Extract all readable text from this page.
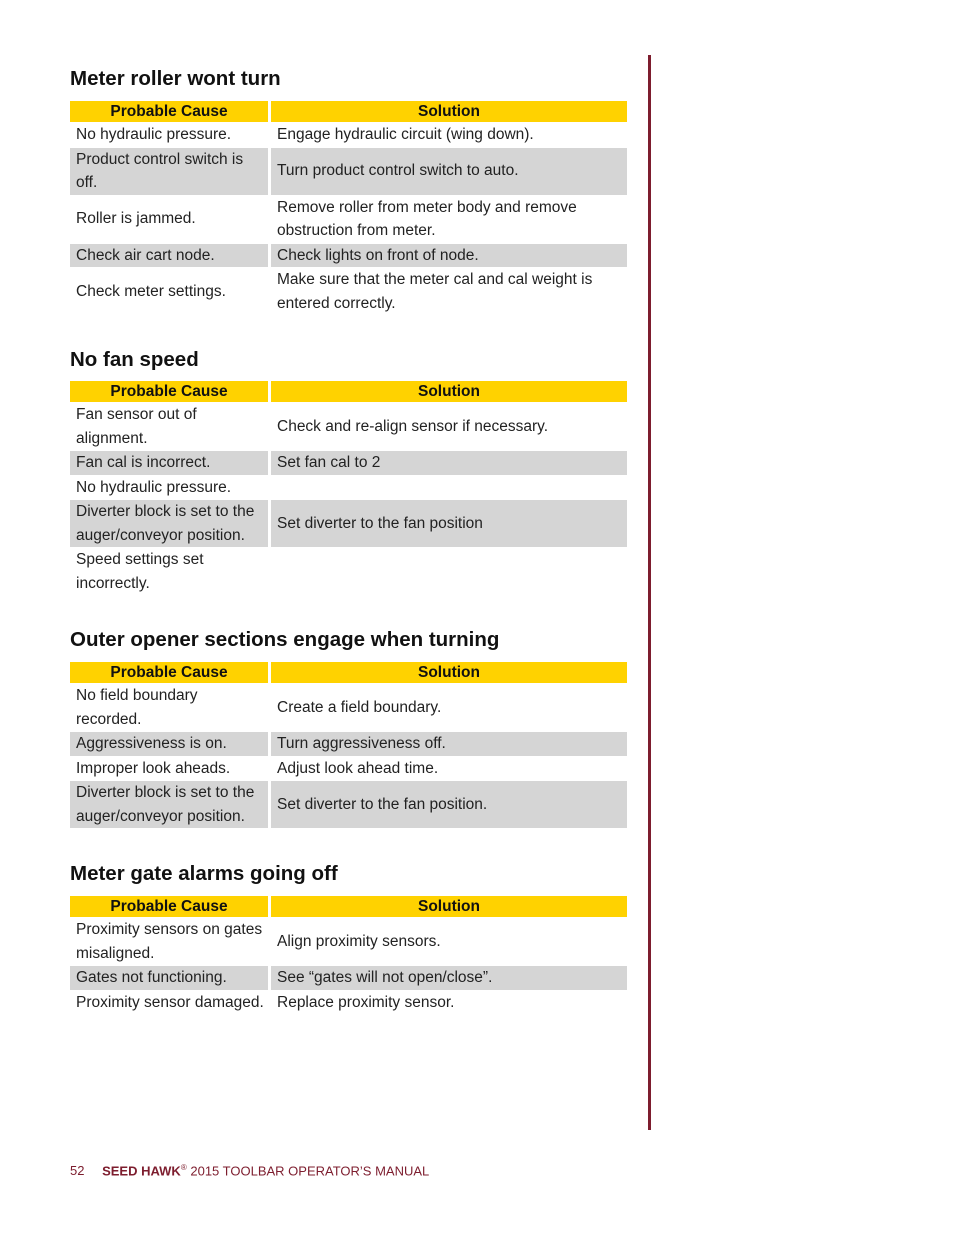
Meter roller wont turn
Probable Cause	Solution
No hydraulic pressure.	Engage hydraulic circuit (wing down).
Product control switch is off.	Turn product control switch to auto.
Roller is jammed.	Remove roller from meter body and remove obstruction from meter.
Check air cart node.	Check lights on front of node.
Check meter settings.	Make sure that the meter cal and cal weight is entered correctly.
No fan speed
Probable Cause	Solution
Fan sensor out of alignment.	Check and re-align sensor if necessary.
Fan cal is incorrect.	Set fan cal to 2
No hydraulic pressure.	
Diverter block is set to the auger/conveyor position.	Set diverter to the fan position
Speed settings set incorrectly.	
Outer opener sections engage when turning
Probable Cause	Solution
No field boundary recorded.	Create a field boundary.
Aggressiveness is on.	Turn aggressiveness off.
Improper look aheads.	Adjust look ahead time.
Diverter block is set to the auger/conveyor position.	Set diverter to the fan position.
Meter gate alarms going off
Probable Cause	Solution
Proximity sensors on gates misaligned.	Align proximity sensors.
Gates not functioning.	See “gates will not open/close”.
Proximity sensor damaged.	Replace proximity sensor.
52 SEED HAWK® 2015 TOOLBAR OPERATOR’S MANUAL
